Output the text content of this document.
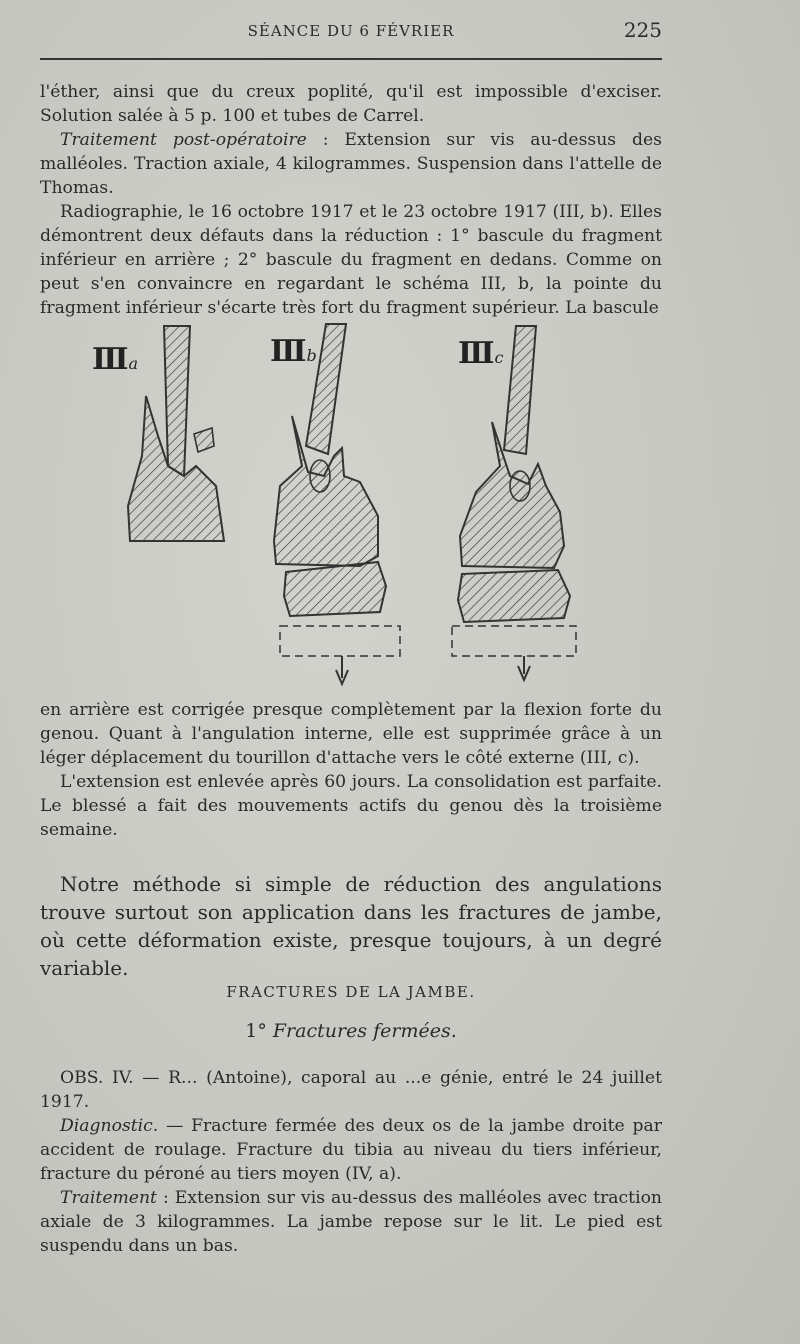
SÉANCE DU 6 FÉVRIER	225

l'éther, ainsi que du creux poplité, qu'il est impossible d'exciser. Solution salée à 5 p. 100 et tubes de Carrel.

Traitement post-opératoire : Extension sur vis au-dessus des malléoles. Traction axiale, 4 kilogrammes. Suspension dans l'attelle de Thomas.

Radiographie, le 16 octobre 1917 et le 23 octobre 1917 (III, b). Elles démontrent deux défauts dans la réduction : 1° bascule du fragment inférieur en arrière ; 2° bascule du fragment en dedans. Comme on peut s'en convaincre en regardant le schéma III, b, la pointe du fragment inférieur s'écarte très fort du fragment supérieur. La bascule

Ⅲa	Ⅲb	Ⅲc

en arrière est corrigée presque complètement par la flexion forte du genou. Quant à l'angulation interne, elle est supprimée grâce à un léger déplacement du tourillon d'attache vers le côté externe (III, c).

L'extension est enlevée après 60 jours. La consolidation est parfaite. Le blessé a fait des mouvements actifs du genou dès la troisième semaine.

Notre méthode si simple de réduction des angulations trouve surtout son application dans les fractures de jambe, où cette déformation existe, presque toujours, à un degré variable.

FRACTURES DE LA JAMBE.
1° Fractures fermées.

OBS. IV. — R... (Antoine), caporal au ...e génie, entré le 24 juillet 1917.

Diagnostic. — Fracture fermée des deux os de la jambe droite par accident de roulage. Fracture du tibia au niveau du tiers inférieur, fracture du péroné au tiers moyen (IV, a).

Traitement : Extension sur vis au-dessus des malléoles avec traction axiale de 3 kilogrammes. La jambe repose sur le lit. Le pied est suspendu dans un bas.
